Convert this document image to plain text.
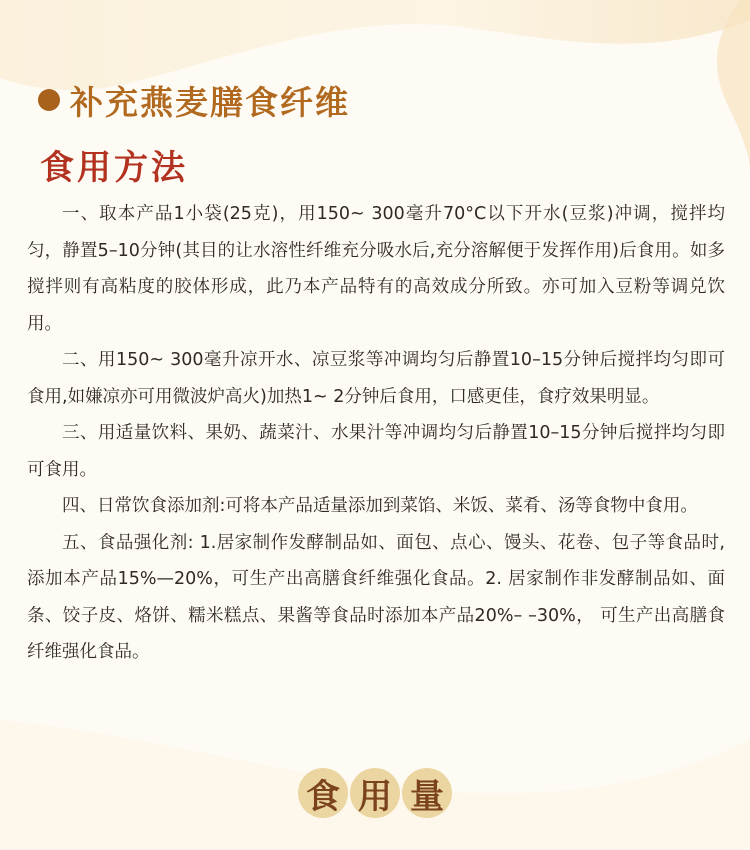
补充燕麦膳食纤维
食用方法

一、取本产品1小袋(25克)，用150~ 300毫升70°C以下开水(豆浆)冲调，搅拌均匀，静置5–10分钟(其目的让水溶性纤维充分吸水后,充分溶解便于发挥作用)后食用。如多搅拌则有高粘度的胶体形成，此乃本产品特有的高效成分所致。亦可加入豆粉等调兑饮用。

二、用150~ 300毫升凉开水、凉豆浆等冲调均匀后静置10–15分钟后搅拌均匀即可食用,如嫌凉亦可用微波炉高火)加热1~ 2分钟后食用，口感更佳，食疗效果明显。

三、用适量饮料、果奶、蔬菜汁、水果汁等冲调均匀后静置10–15分钟后搅拌均匀即可食用。

四、日常饮食添加剂:可将本产品适量添加到菜馅、米饭、菜肴、汤等食物中食用。

五、食品强化剂: 1.居家制作发酵制品如、面包、点心、馒头、花卷、包子等食品时,添加本产品15%—20%，可生产出高膳食纤维强化食品。2. 居家制作非发酵制品如、面条、饺子皮、烙饼、糯米糕点、果酱等食品时添加本产品20%– –30%， 可生产出高膳食纤维强化食品。

食 用 量
